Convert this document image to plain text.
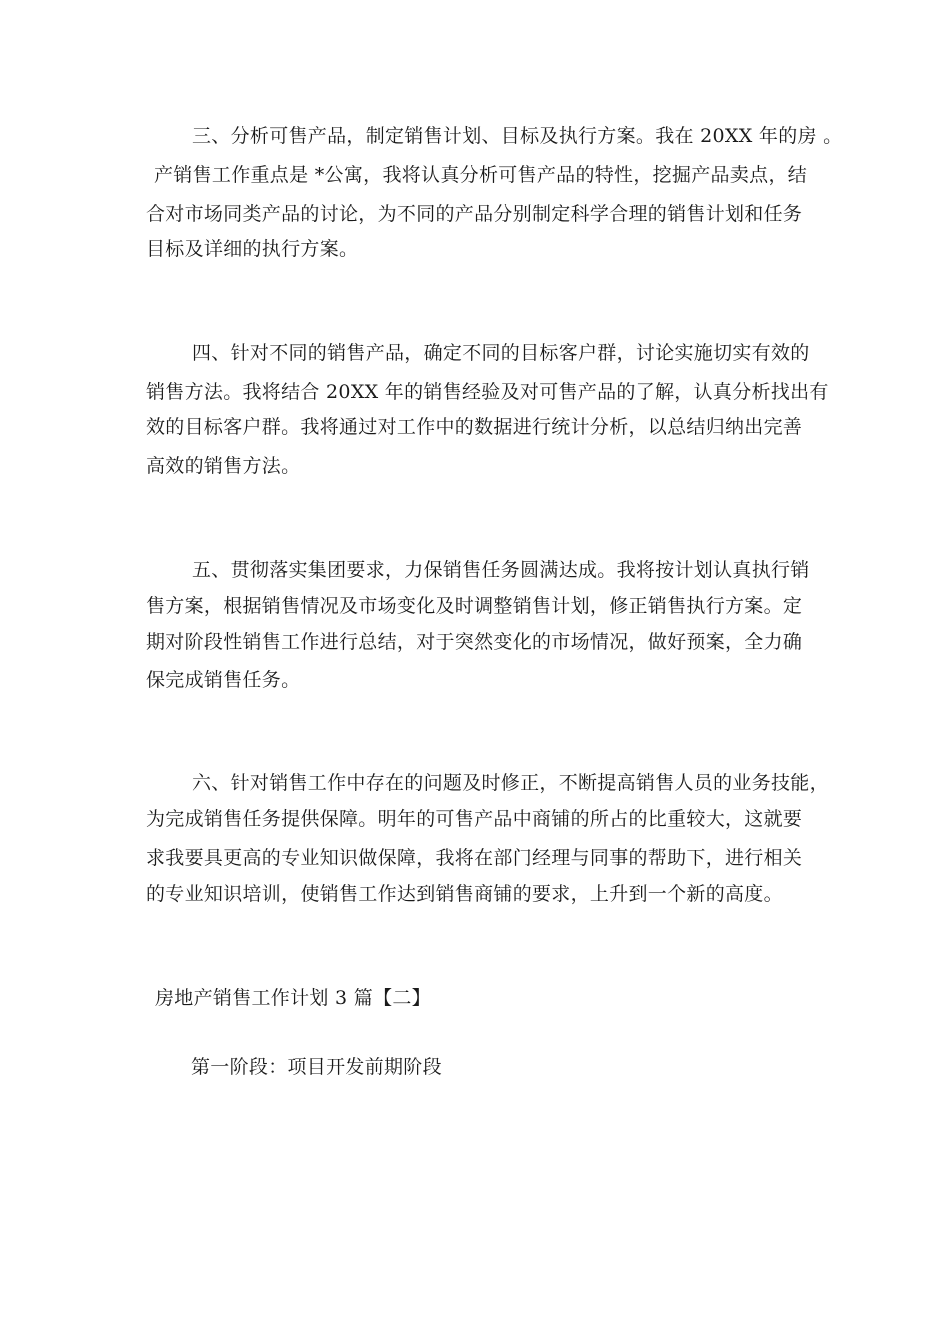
三、分析可售产品，制定销售计划、目标及执行方案。我在 20XX 年的房 。
产销售工作重点是 *公寓，我将认真分析可售产品的特性，挖掘产品卖点，结
合对市场同类产品的讨论，为不同的产品分别制定科学合理的销售计划和任务
目标及详细的执行方案。
四、针对不同的销售产品，确定不同的目标客户群，讨论实施切实有效的
销售方法。我将结合 20XX 年的销售经验及对可售产品的了解，认真分析找出有
效的目标客户群。我将通过对工作中的数据进行统计分析，以总结归纳出完善
高效的销售方法。
五、贯彻落实集团要求，力保销售任务圆满达成。我将按计划认真执行销
售方案，根据销售情况及市场变化及时调整销售计划，修正销售执行方案。定
期对阶段性销售工作进行总结，对于突然变化的市场情况，做好预案，全力确
保完成销售任务。
六、针对销售工作中存在的问题及时修正，不断提高销售人员的业务技能，
为完成销售任务提供保障。明年的可售产品中商铺的所占的比重较大，这就要
求我要具更高的专业知识做保障，我将在部门经理与同事的帮助下，进行相关
的专业知识培训，使销售工作达到销售商铺的要求，上升到一个新的高度。
房地产销售工作计划 3 篇【二】
第一阶段：项目开发前期阶段
